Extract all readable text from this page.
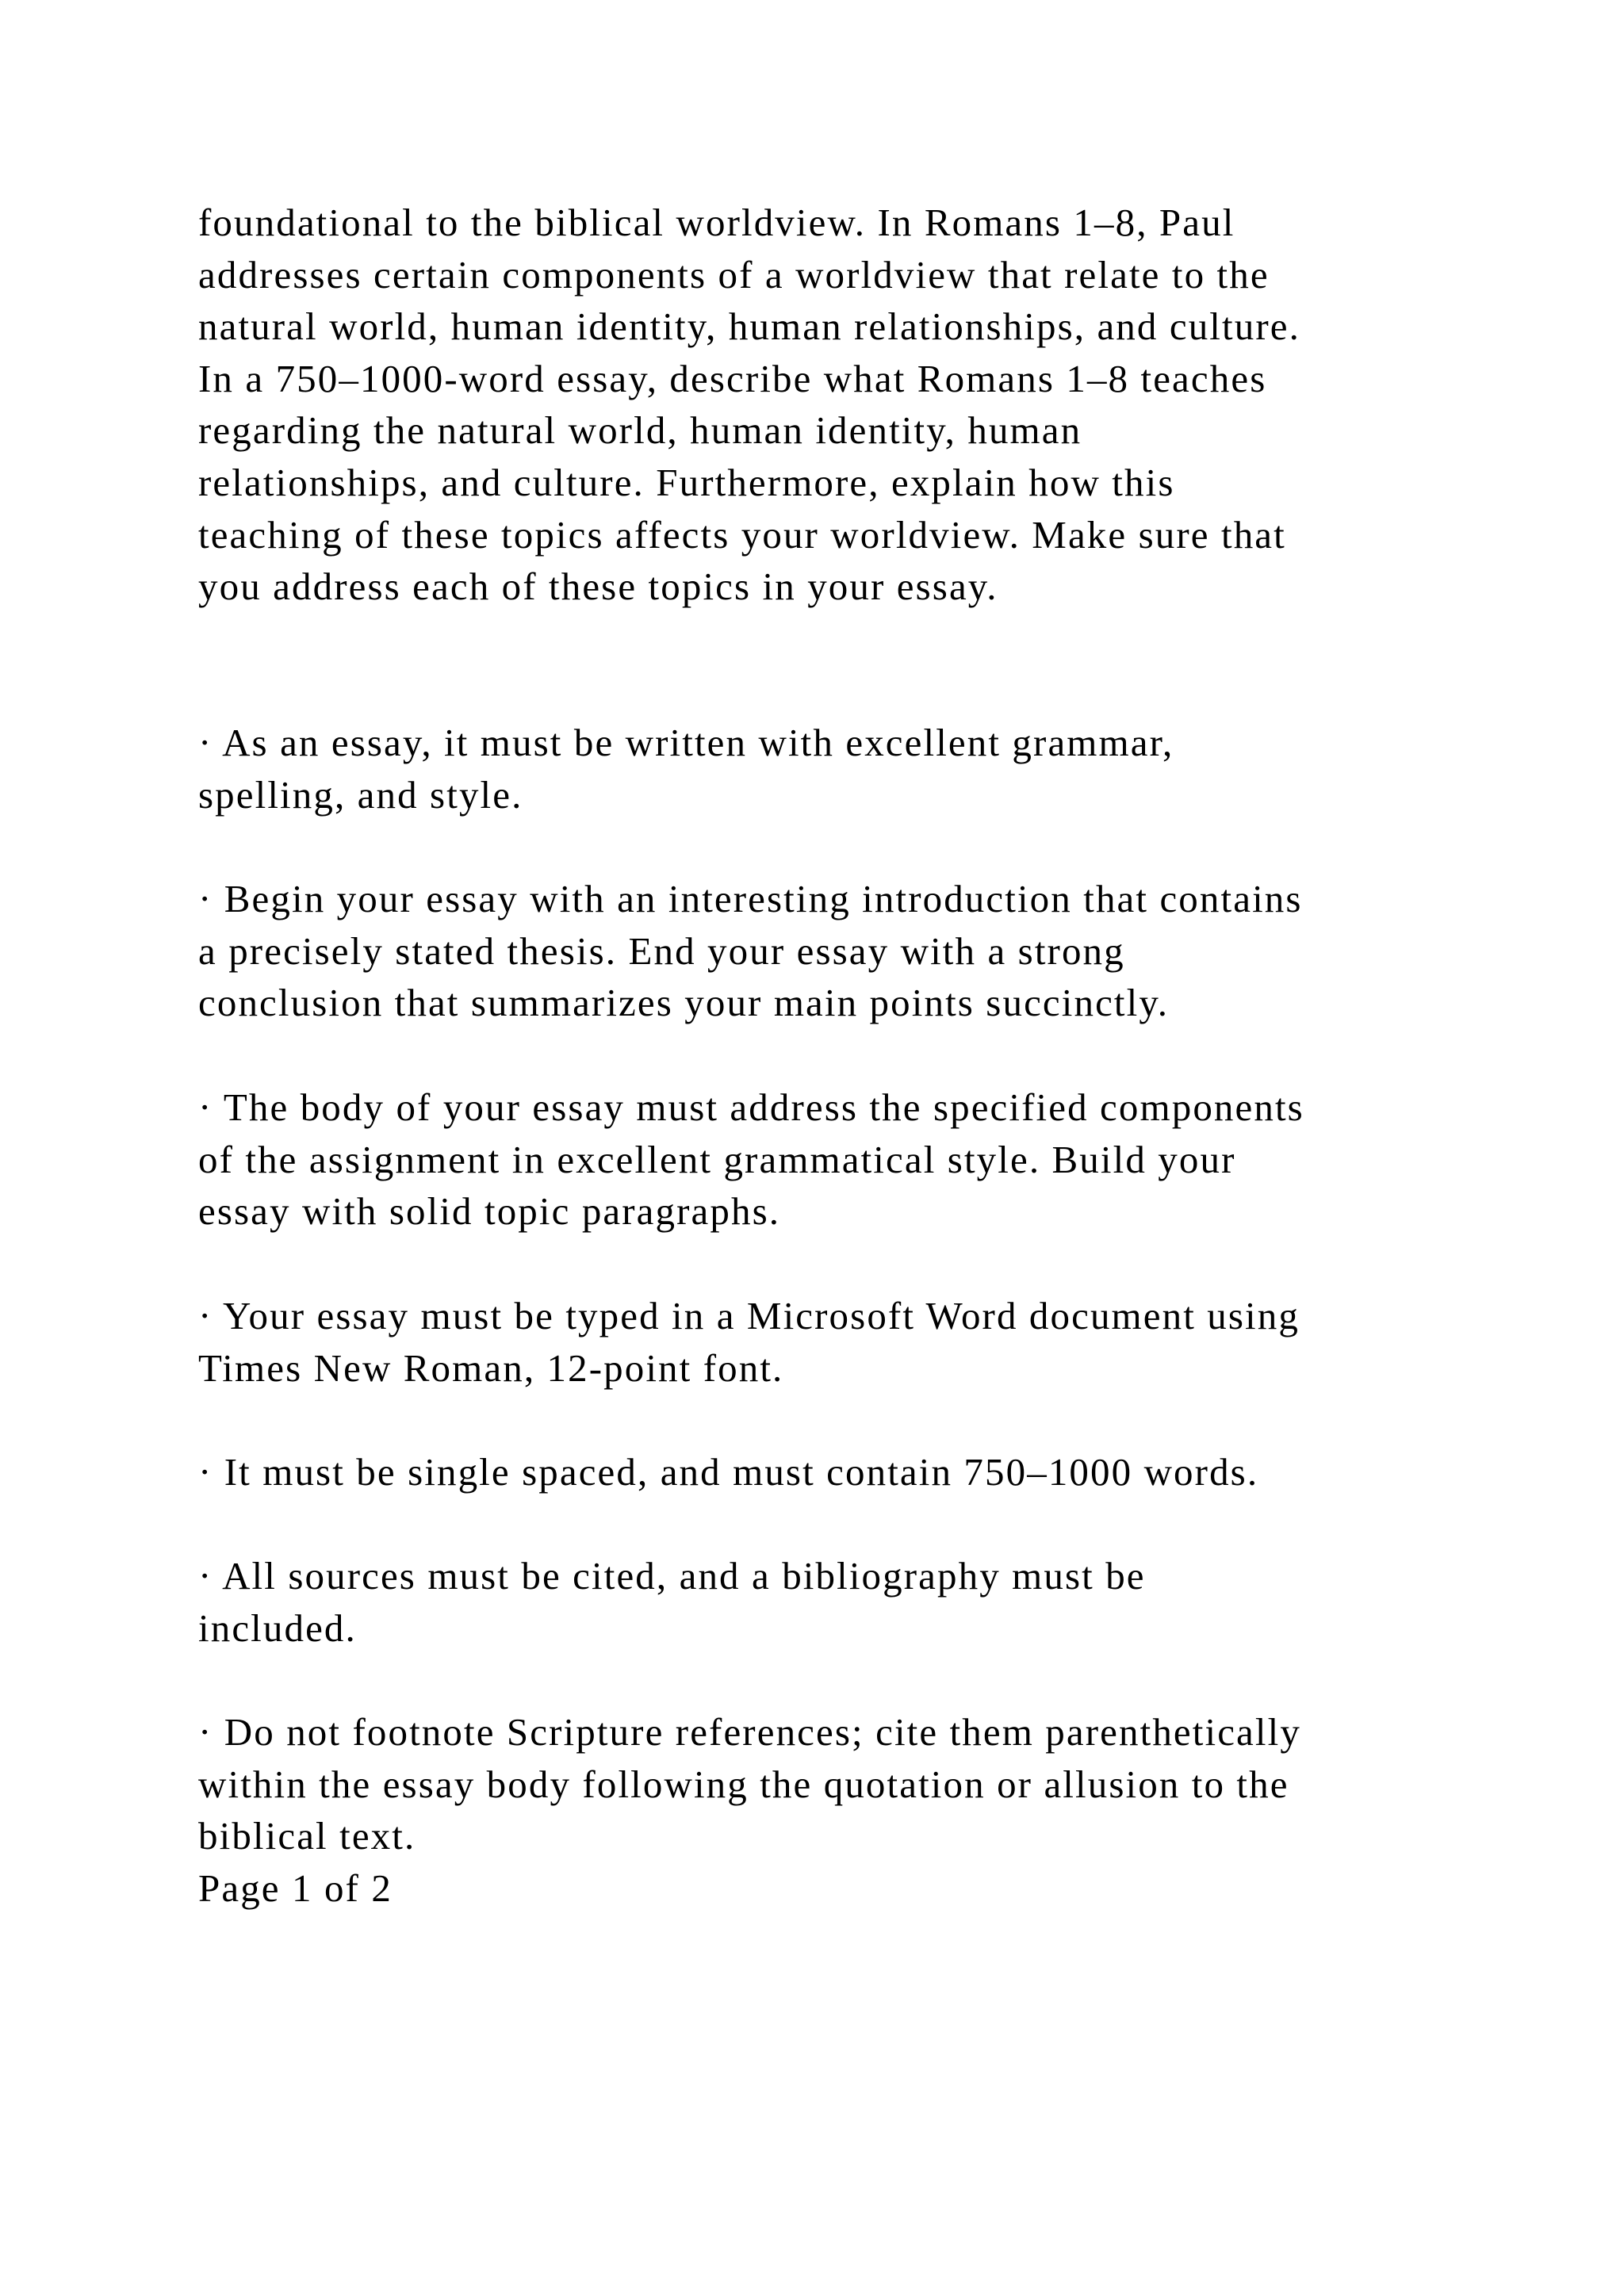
foundational to the biblical worldview. In Romans 1–8, Paul
addresses certain components of a worldview that relate to the
natural world, human identity, human relationships, and culture.
In a 750–1000-word essay, describe what Romans 1–8 teaches
regarding the natural world, human identity, human
relationships, and culture. Furthermore, explain how this
teaching of these topics affects your worldview. Make sure that
you address each of these topics in your essay.

· As an essay, it must be written with excellent grammar,
spelling, and style.

· Begin your essay with an interesting introduction that contains
a precisely stated thesis. End your essay with a strong
conclusion that summarizes your main points succinctly.

· The body of your essay must address the specified components
of the assignment in excellent grammatical style. Build your
essay with solid topic paragraphs.

· Your essay must be typed in a Microsoft Word document using
Times New Roman, 12-point font.

· It must be single spaced, and must contain 750–1000 words.

· All sources must be cited, and a bibliography must be
included.

· Do not footnote Scripture references; cite them parenthetically
within the essay body following the quotation or allusion to the
biblical text.
Page 1 of 2
